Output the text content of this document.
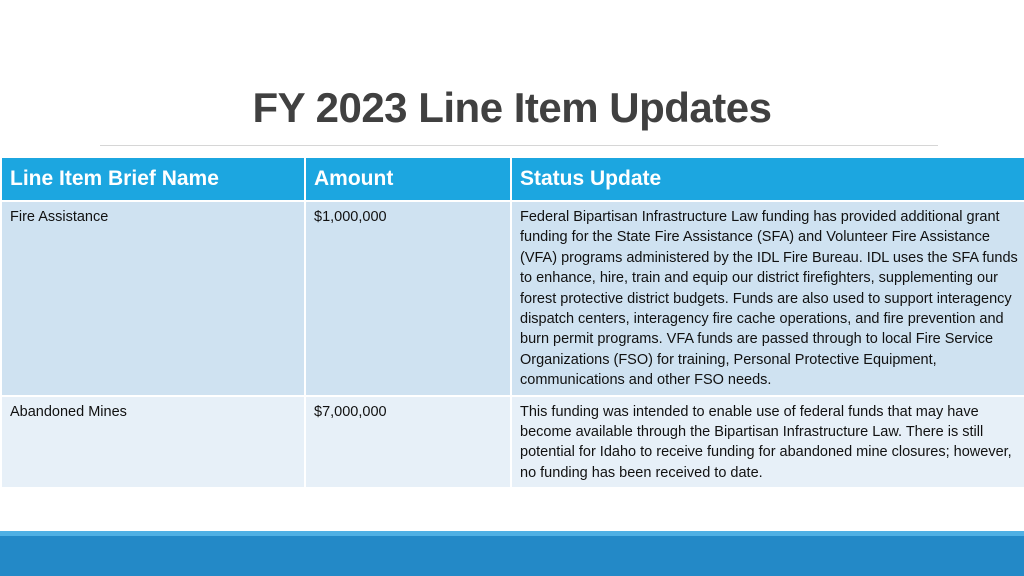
FY 2023 Line Item Updates
Line Item Brief Name	Amount	Status Update
Fire Assistance	$1,000,000	Federal Bipartisan Infrastructure Law funding has provided additional grant funding for the State Fire Assistance (SFA) and Volunteer Fire Assistance (VFA) programs administered by the IDL Fire Bureau. IDL uses the SFA funds to enhance, hire, train and equip our district firefighters, supplementing our forest protective district budgets. Funds are also used to support interagency dispatch centers, interagency fire cache operations, and fire prevention and burn permit programs. VFA funds are passed through to local Fire Service Organizations (FSO) for training, Personal Protective Equipment, communications and other FSO needs.
Abandoned Mines	$7,000,000	This funding was intended to enable use of federal funds that may have become available through the Bipartisan Infrastructure Law. There is still potential for Idaho to receive funding for abandoned mine closures; however, no funding has been received to date.
